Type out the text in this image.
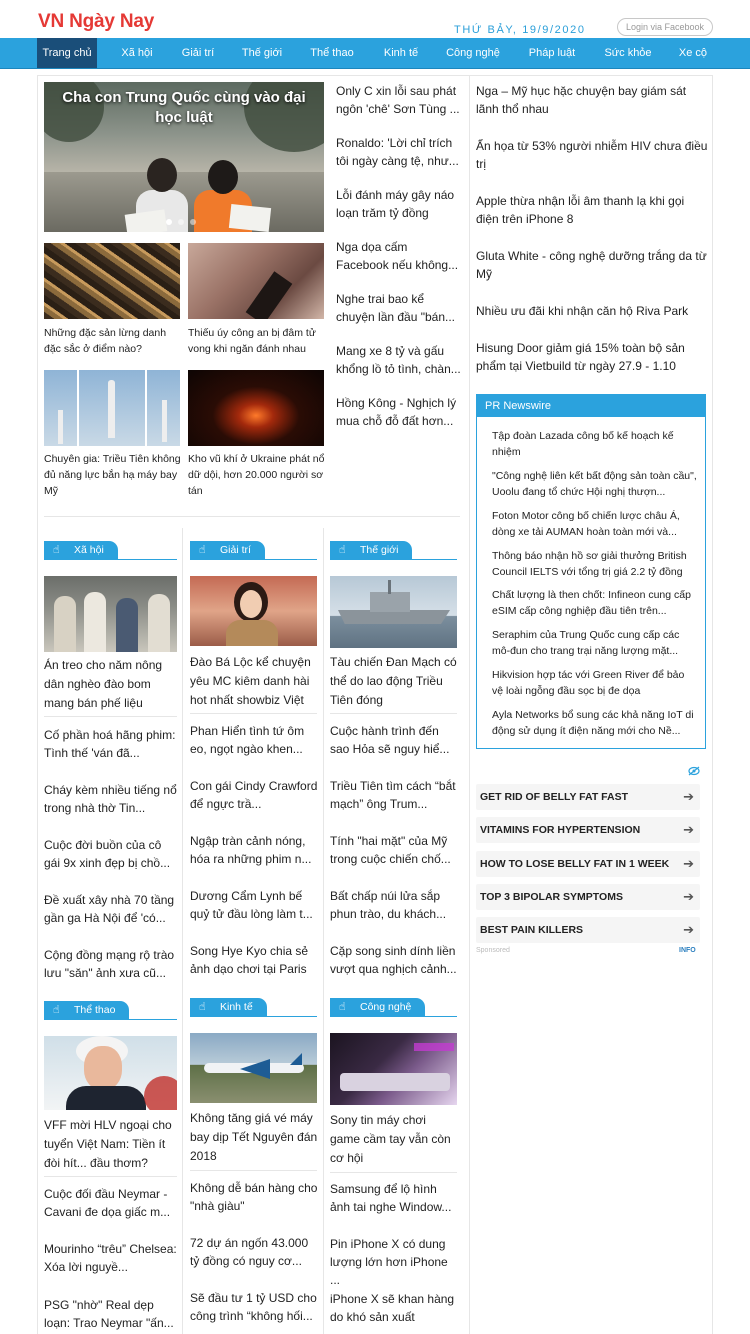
VN Ngày Nay	THỨ BẢY, 19/9/2020	Login via Facebook
Trang chủ	Xã hội	Giải trí	Thế giới	Thể thao	Kinh tế	Công nghệ	Pháp luật	Sức khỏe	Xe cộ
Cha con Trung Quốc cùng vào đại học luật
Những đặc sản lừng danh đặc sắc ở điểm nào?
Thiếu úy công an bị đâm tử vong khi ngăn đánh nhau
Chuyên gia: Triều Tiên không đủ năng lực bắn hạ máy bay Mỹ
Kho vũ khí ở Ukraine phát nổ dữ dội, hơn 20.000 người sơ tán
Only C xin lỗi sau phát ngôn 'chê' Sơn Tùng ...
Ronaldo: 'Lời chỉ trích tôi ngày càng tệ, như...
Lỗi đánh máy gây náo loạn trăm tỷ đồng
Nga dọa cấm Facebook nếu không...
Nghe trai bao kể chuyện lần đầu "bán...
Mang xe 8 tỷ và gấu khổng lồ tỏ tình, chàn...
Hồng Kông - Nghịch lý mua chỗ đỗ đất hơn...
Nga – Mỹ hục hặc chuyện bay giám sát lãnh thổ nhau
Ẩn họa từ 53% người nhiễm HIV chưa điều trị
Apple thừa nhận lỗi âm thanh lạ khi gọi điện trên iPhone 8
Gluta White - công nghệ dưỡng trắng da từ Mỹ
Nhiều ưu đãi khi nhận căn hộ Riva Park
Hisung Door giảm giá 15% toàn bộ sản phẩm tại Vietbuild từ ngày 27.9 - 1.10
PR Newswire
Tập đoàn Lazada công bố kế hoạch kế nhiệm
"Công nghệ liên kết bất động sản toàn cầu", Uoolu đang tổ chức Hội nghị thượn...
Foton Motor công bố chiến lược châu Á, dòng xe tải AUMAN hoàn toàn mới và...
Thông báo nhận hồ sơ giải thưởng British Council IELTS với tổng trị giá 2.2 tỷ đồng
Chất lượng là then chốt: Infineon cung cấp eSIM cấp công nghiệp đầu tiên trên...
Seraphim của Trung Quốc cung cấp các mô-đun cho trang trại năng lượng mặt...
Hikvision hợp tác với Green River để bảo vệ loài ngỗng đầu sọc bị đe dọa
Ayla Networks bổ sung các khả năng IoT di động sử dụng ít điện năng mới cho Nề...
GET RID OF BELLY FAT FAST	➔
VITAMINS FOR HYPERTENSION	➔
HOW TO LOSE BELLY FAT IN 1 WEEK ➔
TOP 3 BIPOLAR SYMPTOMS	➔
BEST PAIN KILLERS	➔
Sponsored	INFO
☝ Xã hội
Án treo cho năm nông dân nghèo đào bom mang bán phế liệu
Cố phần hoá hãng phim: Tình thế 'ván đã...
Cháy kèm nhiều tiếng nổ trong nhà thờ Tin...
Cuộc đời buồn của cô gái 9x xinh đẹp bị chồ...
Đề xuất xây nhà 70 tầng gần ga Hà Nội để 'có...
Cộng đồng mạng rộ trào lưu "săn" ảnh xưa cũ...
☝ Giải trí
Đào Bá Lộc kể chuyện yêu MC kiêm danh hài hot nhất showbiz Việt
Phan Hiển tình tứ ôm eo, ngọt ngào khen...
Con gái Cindy Crawford để ngực trầ...
Ngập tràn cảnh nóng, hóa ra những phim n...
Dương Cẩm Lynh bế quỷ tử đầu lòng làm t...
Song Hye Kyo chia sẻ ảnh dạo chơi tại Paris
☝ Thế giới
Tàu chiến Đan Mạch có thể do lao động Triều Tiên đóng
Cuộc hành trình đến sao Hỏa sẽ nguy hiể...
Triều Tiên tìm cách “bắt mạch” ông Trum...
Tính "hai mặt" của Mỹ trong cuộc chiến chố...
Bất chấp núi lửa sắp phun trào, du khách...
Cặp song sinh dính liền vượt qua nghịch cảnh...
☝ Thể thao
VFF mời HLV ngoại cho tuyển Việt Nam: Tiền ít đòi hít... đầu thơm?
Cuộc đối đầu Neymar - Cavani đe dọa giấc m...
Mourinho “trêu” Chelsea: Xóa lời nguyề...
PSG "nhờ" Real dẹp loạn: Trao Neymar "ấn...
☝ Kinh tế
Không tăng giá vé máy bay dịp Tết Nguyên đán 2018
Không dễ bán hàng cho "nhà giàu"
72 dự án ngốn 43.000 tỷ đồng có nguy cơ...
Sẽ đầu tư 1 tỷ USD cho công trình “không hối...
☝ Công nghệ
Sony tin máy chơi game cầm tay vẫn còn cơ hội
Samsung để lộ hình ảnh tai nghe Window...
Pin iPhone X có dung lượng lớn hơn iPhone ...
iPhone X sẽ khan hàng do khó sản xuất
